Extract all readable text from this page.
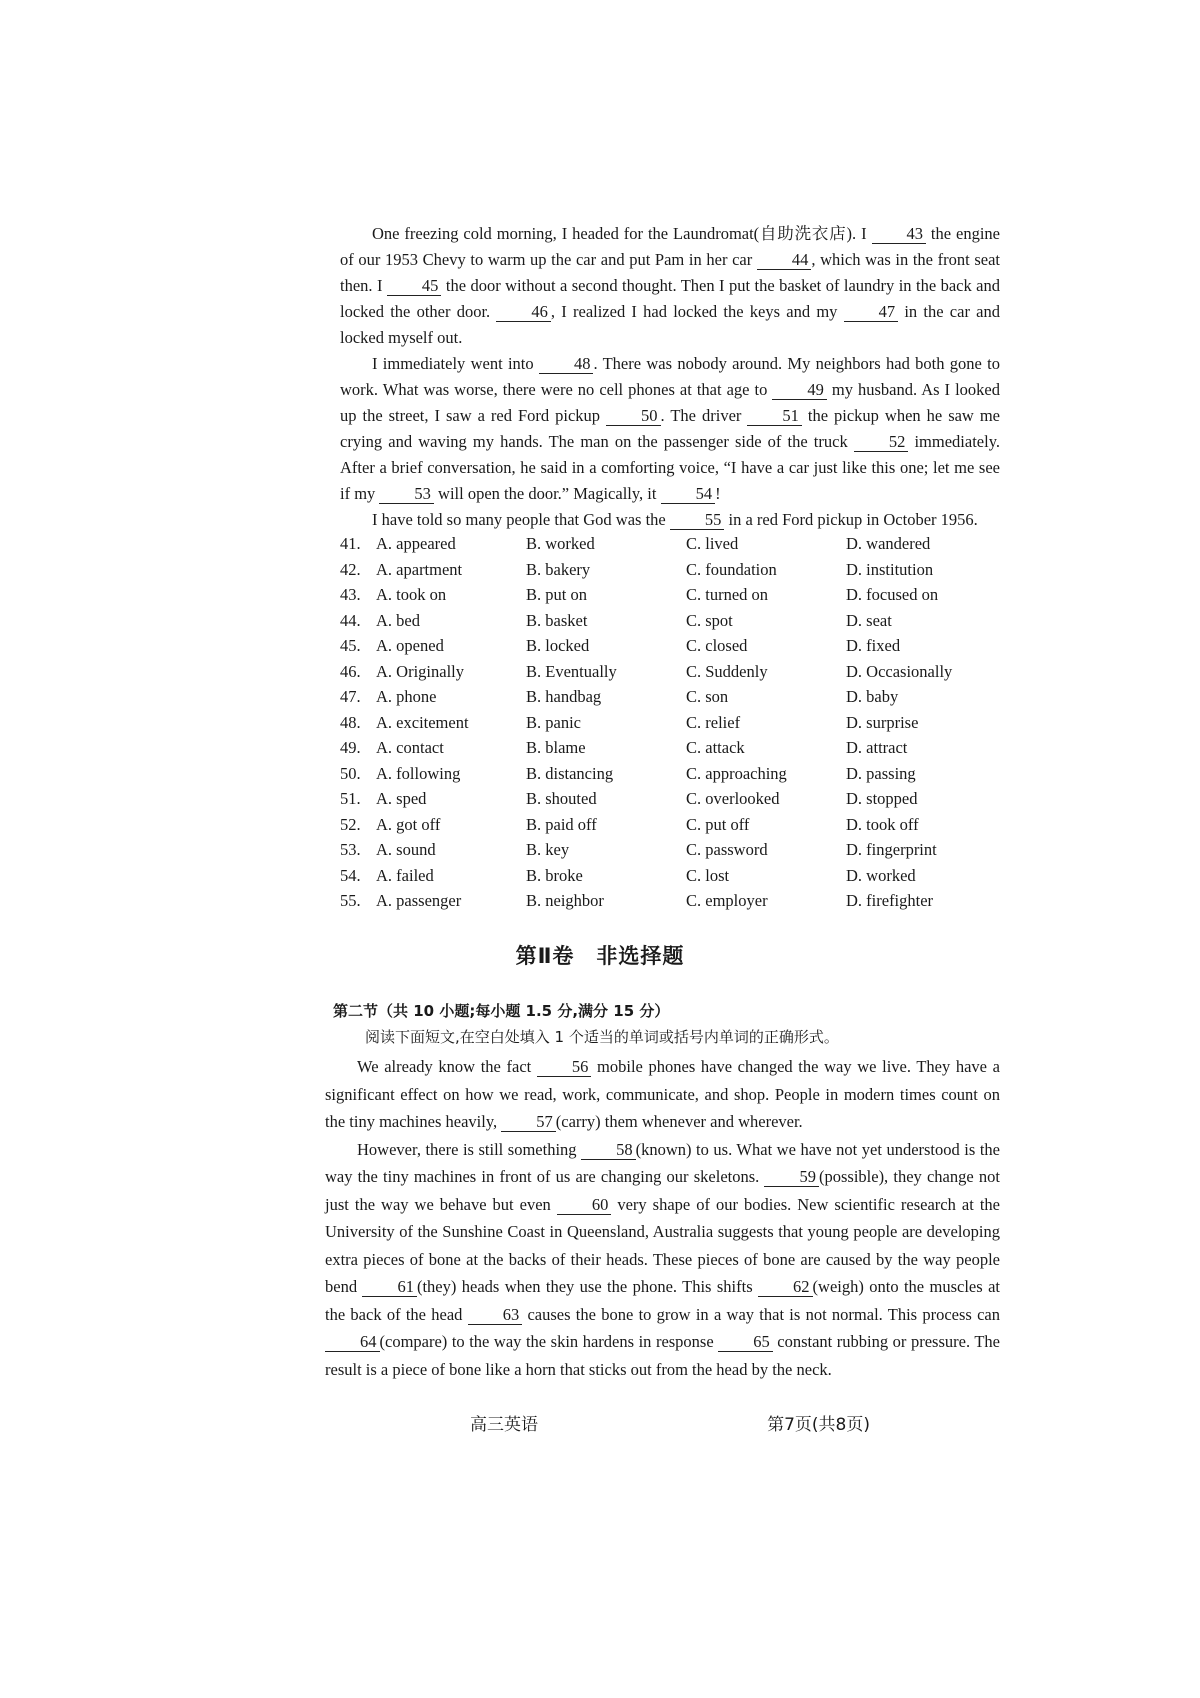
One freezing cold morning, I headed for the Laundromat(自助洗衣店). I 43 the engine of our 1953 Chevy to warm up the car and put Pam in her car 44 , which was in the front seat then. I 45 the door without a second thought. Then I put the basket of laundry in the back and locked the other door. 46 , I realized I had locked the keys and my 47 in the car and locked myself out.

I immediately went into 48 . There was nobody around. My neighbors had both gone to work. What was worse, there were no cell phones at that age to 49 my husband. As I looked up the street, I saw a red Ford pickup 50 . The driver 51 the pickup when he saw me crying and waving my hands. The man on the passenger side of the truck 52 immediately. After a brief conversation, he said in a comforting voice, “I have a car just like this one; let me see if my 53 will open the door.” Magically, it 54 !

I have told so many people that God was the 55 in a red Ford pickup in October 1956.

41. A. appeared	B. worked	C. lived	D. wandered
42. A. apartment	B. bakery	C. foundation	D. institution
43. A. took on	B. put on	C. turned on	D. focused on
44. A. bed	B. basket	C. spot	D. seat
45. A. opened	B. locked	C. closed	D. fixed
46. A. Originally	B. Eventually	C. Suddenly	D. Occasionally
47. A. phone	B. handbag	C. son	D. baby
48. A. excitement	B. panic	C. relief	D. surprise
49. A. contact	B. blame	C. attack	D. attract
50. A. following	B. distancing	C. approaching	D. passing
51. A. sped	B. shouted	C. overlooked	D. stopped
52. A. got off	B. paid off	C. put off	D. took off
53. A. sound	B. key	C. password	D. fingerprint
54. A. failed	B. broke	C. lost	D. worked
55. A. passenger	B. neighbor	C. employer	D. firefighter
第Ⅱ卷　非选择题
第二节（共 10 小题;每小题 1.5 分,满分 15 分）
阅读下面短文,在空白处填入 1 个适当的单词或括号内单词的正确形式。

We already know the fact 56 mobile phones have changed the way we live. They have a significant effect on how we read, work, communicate, and shop. People in modern times count on the tiny machines heavily, 57 (carry) them whenever and wherever.

However, there is still something 58 (known) to us. What we have not yet understood is the way the tiny machines in front of us are changing our skeletons. 59 (possible), they change not just the way we behave but even 60 very shape of our bodies. New scientific research at the University of the Sunshine Coast in Queensland, Australia suggests that young people are developing extra pieces of bone at the backs of their heads. These pieces of bone are caused by the way people bend 61 (they) heads when they use the phone. This shifts 62 (weigh) onto the muscles at the back of the head 63 causes the bone to grow in a way that is not normal. This process can 64 (compare) to the way the skin hardens in response 65 constant rubbing or pressure. The result is a piece of bone like a horn that sticks out from the head by the neck.

高三英语	第7页(共8页)
